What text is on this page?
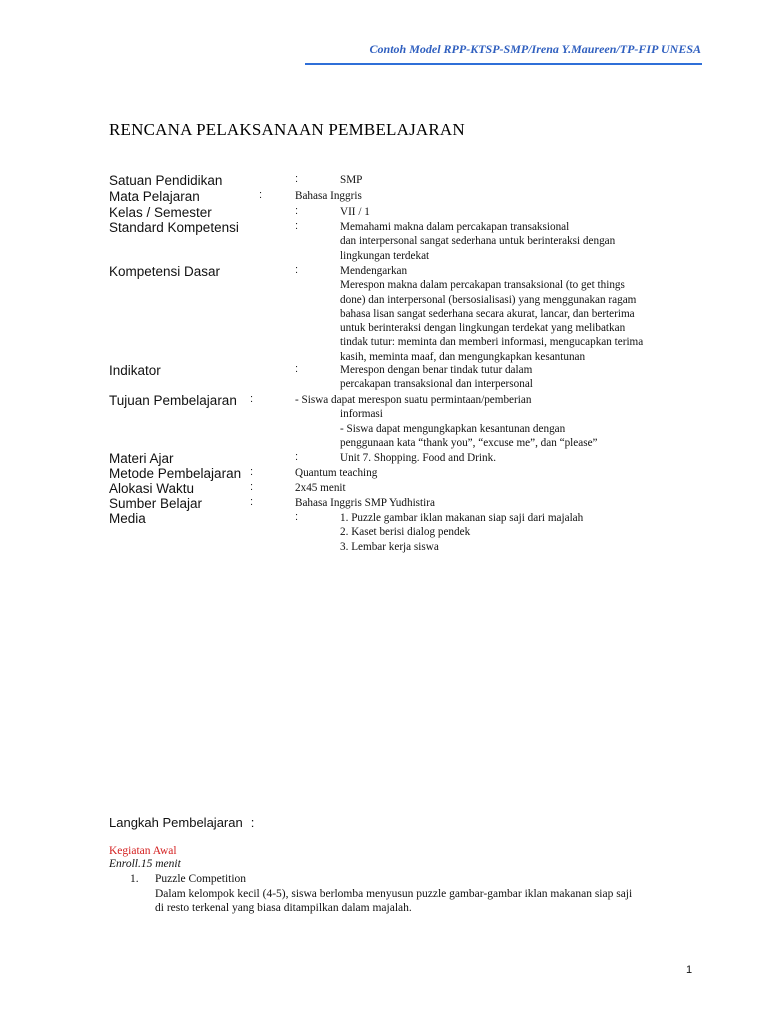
Contoh Model RPP-KTSP-SMP/Irena Y.Maureen/TP-FIP UNESA
RENCANA PELAKSANAAN PEMBELAJARAN
Satuan Pendidikan	:	SMP
Mata Pelajaran	:	Bahasa Inggris
Kelas / Semester	:	VII / 1
Standard Kompetensi	:	Memahami makna dalam percakapan transaksional
dan interpersonal sangat sederhana untuk berinteraksi dengan
lingkungan terdekat
Kompetensi Dasar	:	Mendengarkan
Merespon makna dalam percakapan transaksional (to get things
done) dan interpersonal (bersosialisasi) yang menggunakan ragam
bahasa lisan sangat sederhana secara akurat, lancar, dan berterima
untuk berinteraksi dengan lingkungan terdekat yang melibatkan
tindak tutur: meminta dan memberi informasi, mengucapkan terima
kasih, meminta maaf, dan mengungkapkan kesantunan
Indikator	:	Merespon dengan benar tindak tutur dalam
percakapan transaksional dan interpersonal
Tujuan Pembelajaran :	- Siswa dapat merespon suatu permintaan/pemberian
informasi
- Siswa dapat mengungkapkan kesantunan dengan
penggunaan kata “thank you”, “excuse me”, dan “please”
Materi Ajar	:	Unit 7. Shopping. Food and Drink.
Metode Pembelajaran :	Quantum teaching
Alokasi Waktu	:	2x45 menit
Sumber Belajar	:	Bahasa Inggris SMP Yudhistira
Media	:	1. Puzzle gambar iklan makanan siap saji dari majalah
2. Kaset berisi dialog pendek
3. Lembar kerja siswa
Langkah Pembelajaran :
Kegiatan Awal
Enroll.15 menit
1. Puzzle Competition
Dalam kelompok kecil (4-5), siswa berlomba menyusun puzzle gambar-gambar iklan makanan siap saji
di resto terkenal yang biasa ditampilkan dalam majalah.
1
